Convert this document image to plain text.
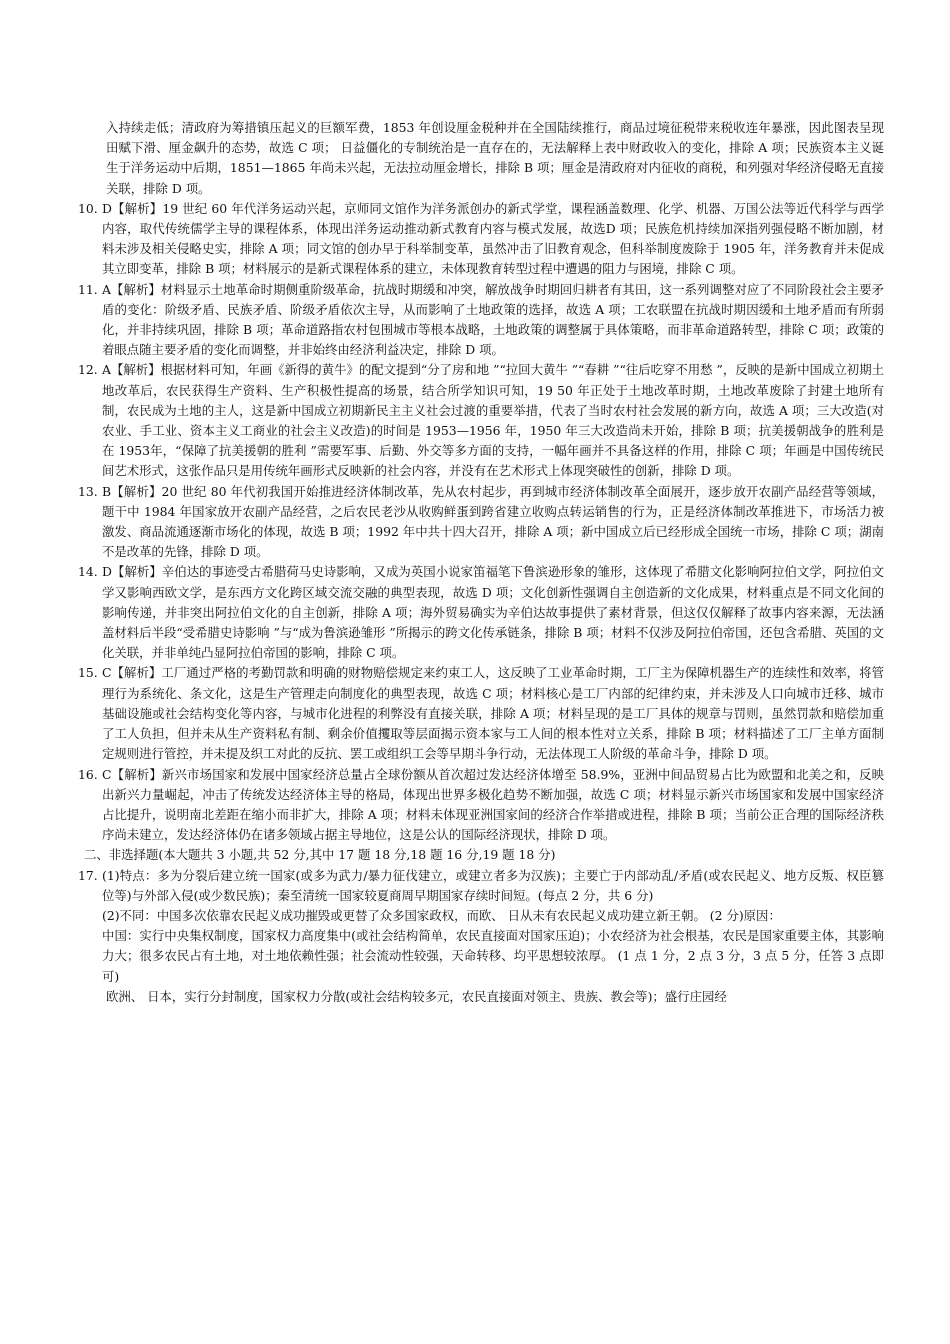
入持续走低；清政府为筹措镇压起义的巨额军费，1853 年创设厘金税种并在全国陆续推行，商品过境征税带来税收连年暴涨，因此图表呈现田赋下滑、厘金飙升的态势，故选 C 项； 日益僵化的专制统治是一直存在的，无法解释上表中财政收入的变化，排除 A 项；民族资本主义诞生于洋务运动中后期，1851—1865 年尚未兴起，无法拉动厘金增长，排除 B 项；厘金是清政府对内征收的商税，和列强对华经济侵略无直接关联，排除 D 项。

10. D【解析】19 世纪 60 年代洋务运动兴起，京师同文馆作为洋务派创办的新式学堂，课程涵盖数理、化学、机器、万国公法等近代科学与西学内容，取代传统儒学主导的课程体系，体现出洋务运动推动新式教育内容与模式发展，故选D 项；民族危机持续加深指列强侵略不断加剧，材料未涉及相关侵略史实，排除 A 项；同文馆的创办早于科举制变革，虽然冲击了旧教育观念，但科举制度废除于 1905 年，洋务教育并未促成其立即变革，排除 B 项；材料展示的是新式课程体系的建立，未体现教育转型过程中遭遇的阻力与困境，排除 C 项。

11. A【解析】材料显示土地革命时期侧重阶级革命，抗战时期缓和冲突，解放战争时期回归耕者有其田，这一系列调整对应了不同阶段社会主要矛盾的变化：阶级矛盾、民族矛盾、阶级矛盾依次主导，从而影响了土地政策的选择，故选 A 项；工农联盟在抗战时期因缓和土地矛盾而有所弱化，并非持续巩固，排除 B 项；革命道路指农村包围城市等根本战略，土地政策的调整属于具体策略，而非革命道路转型，排除 C 项；政策的着眼点随主要矛盾的变化而调整，并非始终由经济利益决定，排除 D 项。

12. A【解析】根据材料可知，年画《新得的黄牛》的配文提到“分了房和地 ”“拉回大黄牛 ”“春耕 ”“往后吃穿不用愁 ”，反映的是新中国成立初期土地改革后，农民获得生产资料、生产积极性提高的场景，结合所学知识可知，19 50 年正处于土地改革时期，土地改革废除了封建土地所有制，农民成为土地的主人，这是新中国成立初期新民主主义社会过渡的重要举措，代表了当时农村社会发展的新方向，故选 A 项；三大改造(对农业、手工业、资本主义工商业的社会主义改造)的时间是 1953—1956 年，1950 年三大改造尚未开始，排除 B 项；抗美援朝战争的胜利是在 1953年，“保障了抗美援朝的胜利 ”需要军事、后勤、外交等多方面的支持，一幅年画并不具备这样的作用，排除 C 项；年画是中国传统民间艺术形式，这张作品只是用传统年画形式反映新的社会内容，并没有在艺术形式上体现突破性的创新，排除 D 项。

13. B【解析】20 世纪 80 年代初我国开始推进经济体制改革，先从农村起步，再到城市经济体制改革全面展开，逐步放开农副产品经营等领域，题干中 1984 年国家放开农副产品经营，之后农民老沙从收购鲜蛋到跨省建立收购点转运销售的行为，正是经济体制改革推进下，市场活力被激发、商品流通逐渐市场化的体现，故选 B 项；1992 年中共十四大召开，排除 A 项；新中国成立后已经形成全国统一市场，排除 C 项；湖南不是改革的先锋，排除 D 项。

14. D【解析】辛伯达的事迹受古希腊荷马史诗影响，又成为英国小说家笛福笔下鲁滨逊形象的雏形，这体现了希腊文化影响阿拉伯文学，阿拉伯文学又影响西欧文学，是东西方文化跨区域交流交融的典型表现，故选 D 项；文化创新性强调自主创造新的文化成果，材料重点是不同文化间的影响传递，并非突出阿拉伯文化的自主创新，排除 A 项；海外贸易确实为辛伯达故事提供了素材背景，但这仅仅解释了故事内容来源，无法涵盖材料后半段“受希腊史诗影响 ”与“成为鲁滨逊雏形 ”所揭示的跨文化传承链条，排除 B 项；材料不仅涉及阿拉伯帝国，还包含希腊、英国的文化关联，并非单纯凸显阿拉伯帝国的影响，排除 C 项。

15. C【解析】工厂通过严格的考勤罚款和明确的财物赔偿规定来约束工人，这反映了工业革命时期，工厂主为保障机器生产的连续性和效率，将管理行为系统化、条文化，这是生产管理走向制度化的典型表现，故选 C 项；材料核心是工厂内部的纪律约束，并未涉及人口向城市迁移、城市基础设施或社会结构变化等内容，与城市化进程的利弊没有直接关联，排除 A 项；材料呈现的是工厂具体的规章与罚则，虽然罚款和赔偿加重了工人负担，但并未从生产资料私有制、剩余价值攫取等层面揭示资本家与工人间的根本性对立关系，排除 B 项；材料描述了工厂主单方面制定规则进行管控，并未提及织工对此的反抗、罢工或组织工会等早期斗争行动，无法体现工人阶级的革命斗争，排除 D 项。

16. C【解析】新兴市场国家和发展中国家经济总量占全球份额从首次超过发达经济体增至 58.9%，亚洲中间品贸易占比为欧盟和北美之和，反映出新兴力量崛起，冲击了传统发达经济体主导的格局，体现出世界多极化趋势不断加强，故选 C 项；材料显示新兴市场国家和发展中国家经济占比提升，说明南北差距在缩小而非扩大，排除 A 项；材料未体现亚洲国家间的经济合作举措或进程，排除 B 项；当前公正合理的国际经济秩序尚未建立，发达经济体仍在诸多领域占据主导地位，这是公认的国际经济现状，排除 D 项。

二、非选择题(本大题共 3 小题,共 52 分,其中 17 题 18 分,18 题 16 分,19 题 18 分)

17. (1)特点：多为分裂后建立统一国家(或多为武力/暴力征伐建立，或建立者多为汉族)；主要亡于内部动乱/矛盾(或农民起义、地方反叛、权臣篡位等)与外部入侵(或少数民族)；秦至清统一国家较夏商周早期国家存续时间短。(每点 2 分，共 6 分)

(2)不同：中国多次依靠农民起义成功摧毁或更替了众多国家政权，而欧、 日从未有农民起义成功建立新王朝。 (2 分)原因：

中国：实行中央集权制度，国家权力高度集中(或社会结构简单，农民直接面对国家压迫)；小农经济为社会根基，农民是国家重要主体，其影响力大；很多农民占有土地，对土地依赖性强；社会流动性较强，天命转移、均平思想较浓厚。 (1 点 1 分，2 点 3 分，3 点 5 分，任答 3 点即可)

欧洲、 日本，实行分封制度，国家权力分散(或社会结构较多元，农民直接面对领主、贵族、教会等)；盛行庄园经
